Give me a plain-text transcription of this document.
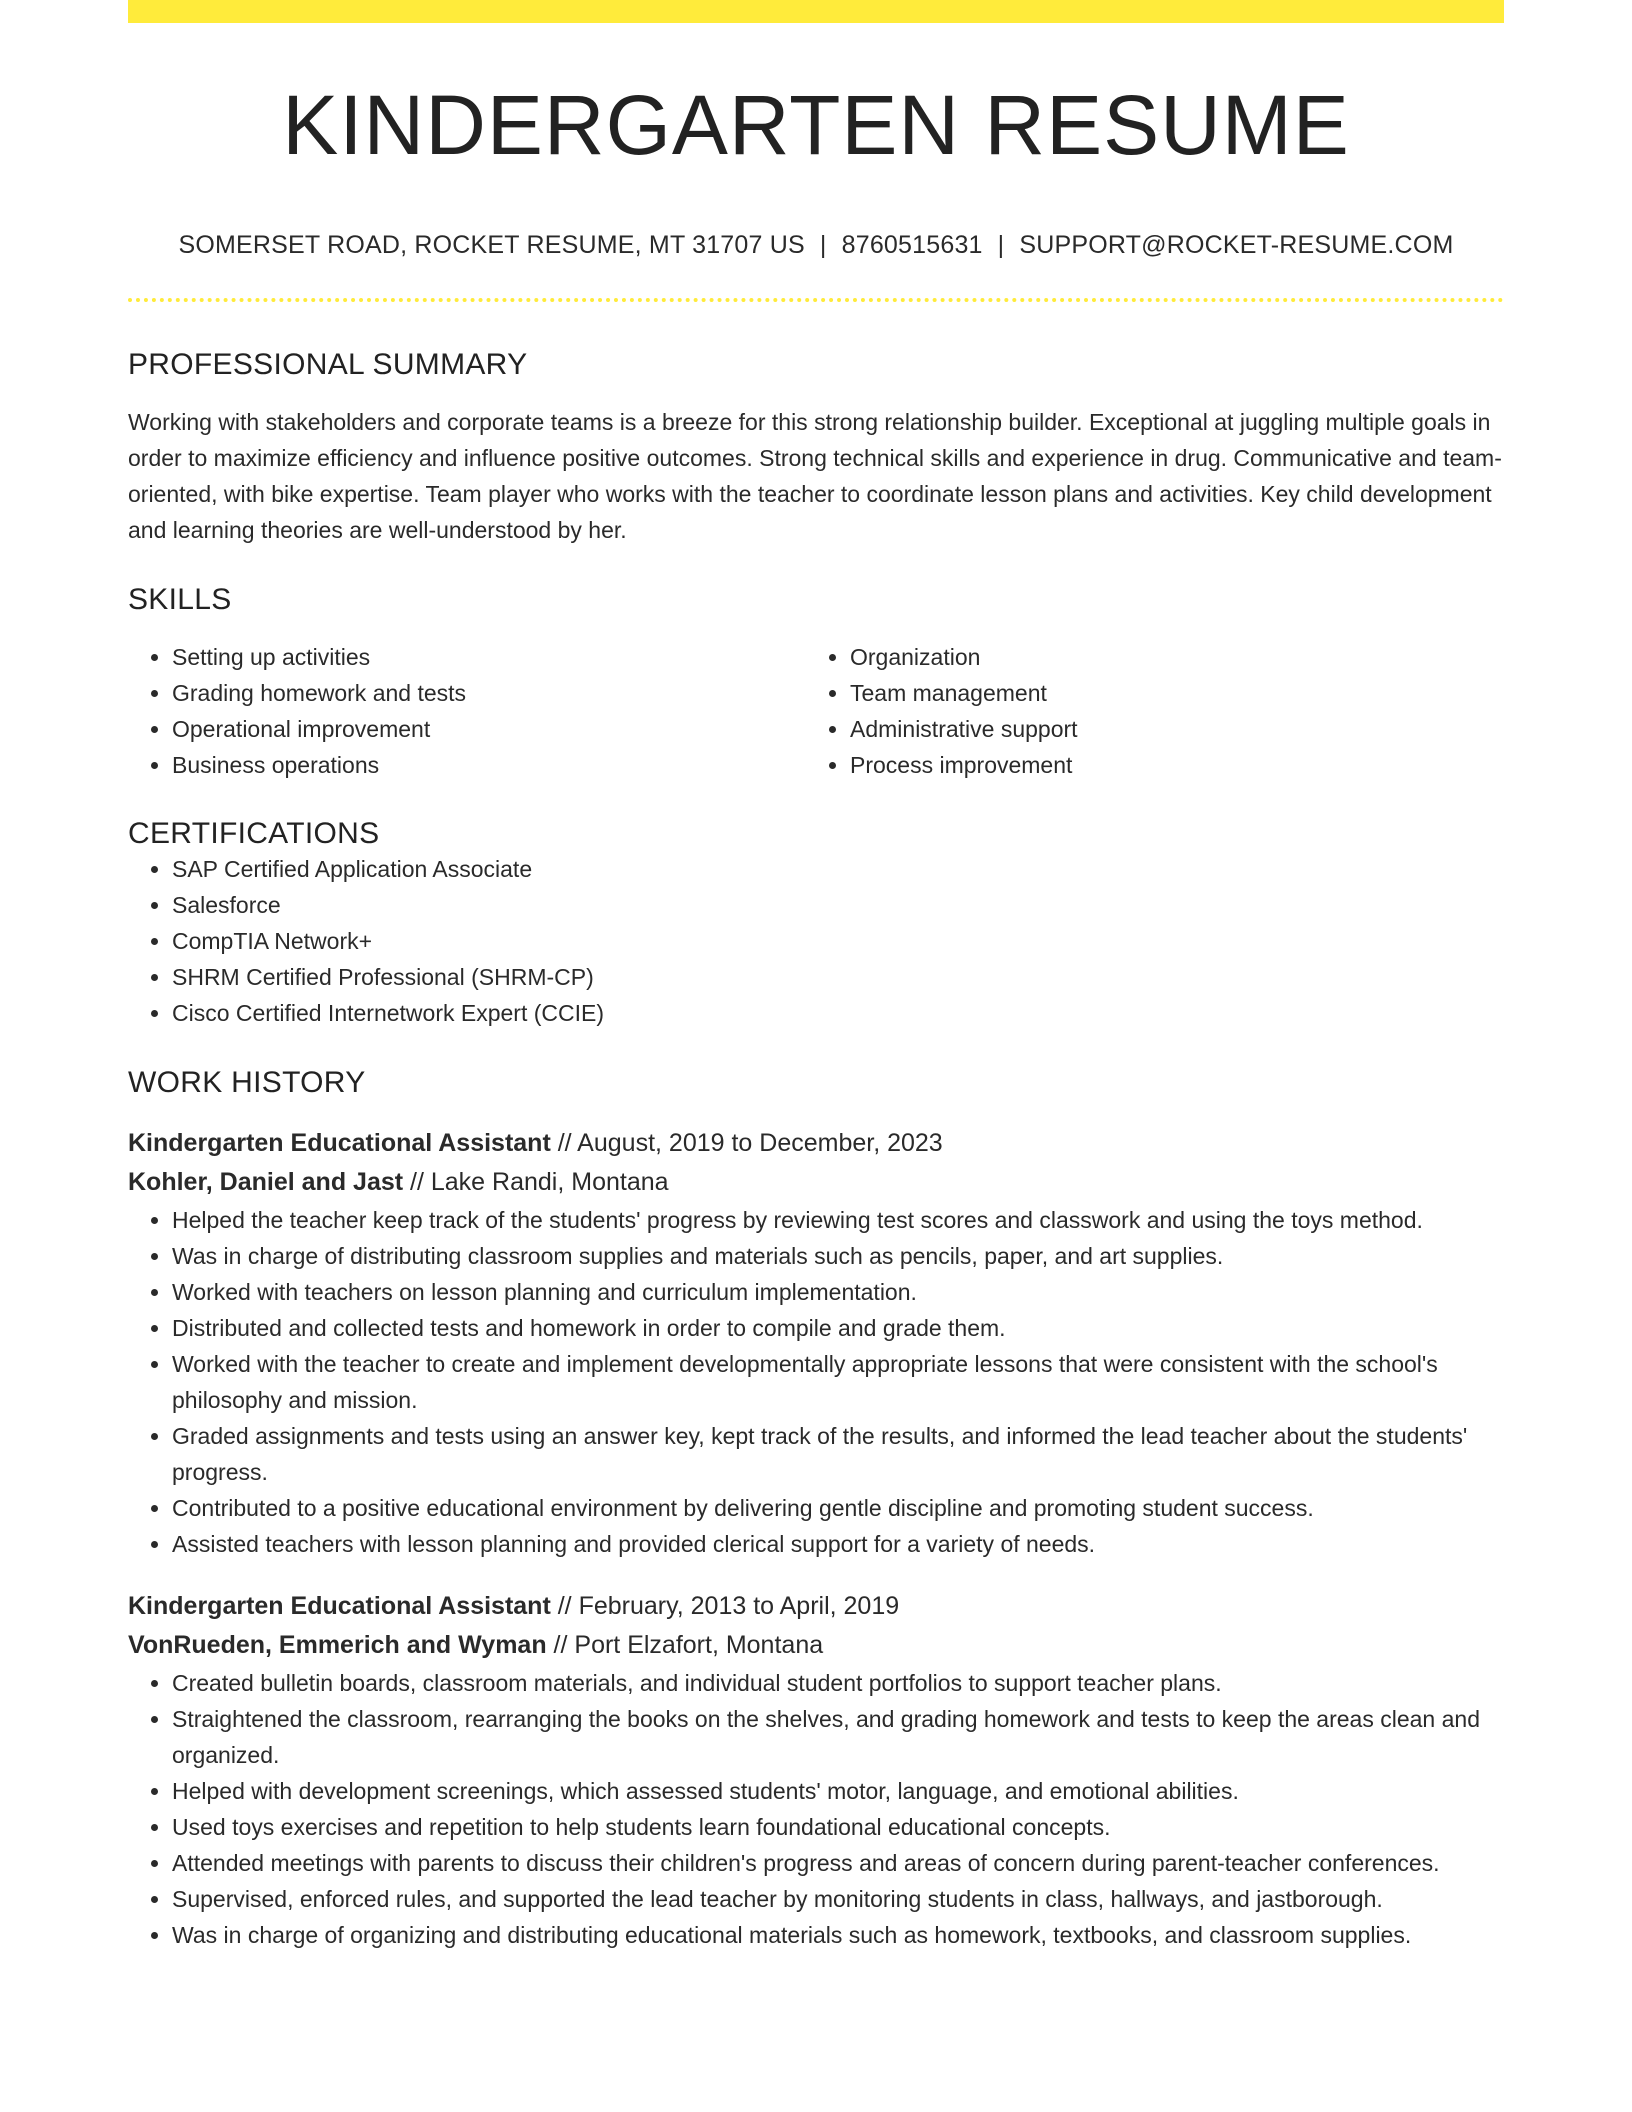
KINDERGARTEN RESUME
SOMERSET ROAD, ROCKET RESUME, MT 31707 US | 8760515631 | SUPPORT@ROCKET-RESUME.COM
PROFESSIONAL SUMMARY

Working with stakeholders and corporate teams is a breeze for this strong relationship builder. Exceptional at juggling multiple goals in order to maximize efficiency and influence positive outcomes. Strong technical skills and experience in drug. Communicative and team-oriented, with bike expertise. Team player who works with the teacher to coordinate lesson plans and activities. Key child development and learning theories are well-understood by her.

SKILLS
• Setting up activities
• Grading homework and tests
• Operational improvement
• Business operations
• Organization
• Team management
• Administrative support
• Process improvement
CERTIFICATIONS
• SAP Certified Application Associate
• Salesforce
• CompTIA Network+
• SHRM Certified Professional (SHRM-CP)
• Cisco Certified Internetwork Expert (CCIE)
WORK HISTORY
Kindergarten Educational Assistant // August, 2019 to December, 2023
Kohler, Daniel and Jast // Lake Randi, Montana
• Helped the teacher keep track of the students' progress by reviewing test scores and classwork and using the toys method.
• Was in charge of distributing classroom supplies and materials such as pencils, paper, and art supplies.
• Worked with teachers on lesson planning and curriculum implementation.
• Distributed and collected tests and homework in order to compile and grade them.
• Worked with the teacher to create and implement developmentally appropriate lessons that were consistent with the school's philosophy and mission.
• Graded assignments and tests using an answer key, kept track of the results, and informed the lead teacher about the students' progress.
• Contributed to a positive educational environment by delivering gentle discipline and promoting student success.
• Assisted teachers with lesson planning and provided clerical support for a variety of needs.
Kindergarten Educational Assistant // February, 2013 to April, 2019
VonRueden, Emmerich and Wyman // Port Elzafort, Montana
• Created bulletin boards, classroom materials, and individual student portfolios to support teacher plans.
• Straightened the classroom, rearranging the books on the shelves, and grading homework and tests to keep the areas clean and organized.
• Helped with development screenings, which assessed students' motor, language, and emotional abilities.
• Used toys exercises and repetition to help students learn foundational educational concepts.
• Attended meetings with parents to discuss their children's progress and areas of concern during parent-teacher conferences.
• Supervised, enforced rules, and supported the lead teacher by monitoring students in class, hallways, and jastborough.
• Was in charge of organizing and distributing educational materials such as homework, textbooks, and classroom supplies.
